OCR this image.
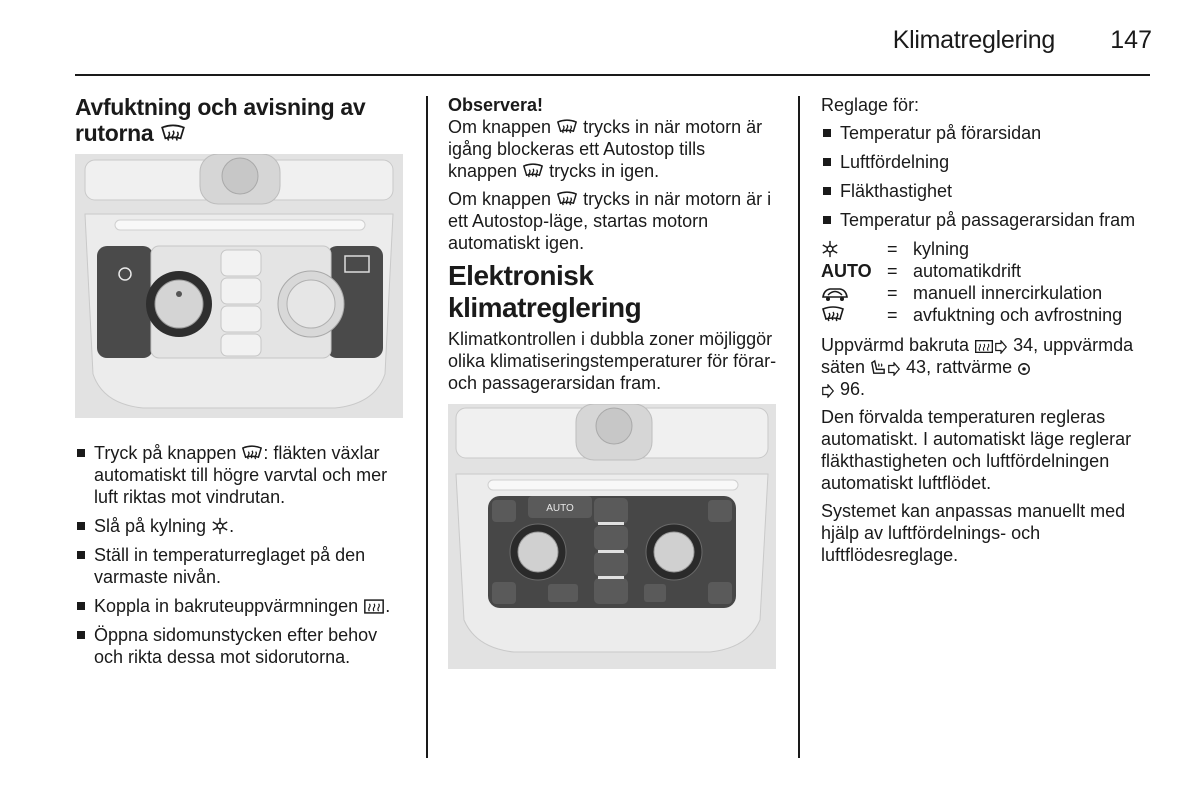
Klimatreglering 147
Avfuktning och avisning av rutorna
Tryck på knappen : fläkten växlar automatiskt till högre varvtal och mer luft riktas mot vindrutan.
Slå på kylning .
Ställ in temperaturreglaget på den varmaste nivån.
Koppla in bakruteuppvärmningen .
Öppna sidomunstycken efter behov och rikta dessa mot sidorutorna.
Observera!

Om knappen  trycks in när motorn är igång blockeras ett Autostop tills knappen  trycks in igen.

Om knappen  trycks in när motorn är i ett Autostop-läge, startas motorn automatiskt igen.

Elektronisk klimatreglering

Klimatkontrollen i dubbla zoner möjliggör olika klimatiseringstemperaturer för förar- och passagerarsidan fram.

AUTO

Reglage för:

Temperatur på förarsidan
Luftfördelning
Fläkthastighet
Temperatur på passagerarsidan fram
	=	kylning
AUTO	=	automatikdrift
	=	manuell innercirkulation
	=	avfuktning och avfrostning

Uppvärmd bakruta  34, uppvärmda säten  43, rattvärme
96.

Den förvalda temperaturen regleras automatiskt. I automatiskt läge reglerar fläkthastigheten och luftfördelningen automatiskt luftflödet.

Systemet kan anpassas manuellt med hjälp av luftfördelnings- och luftflödesreglage.
